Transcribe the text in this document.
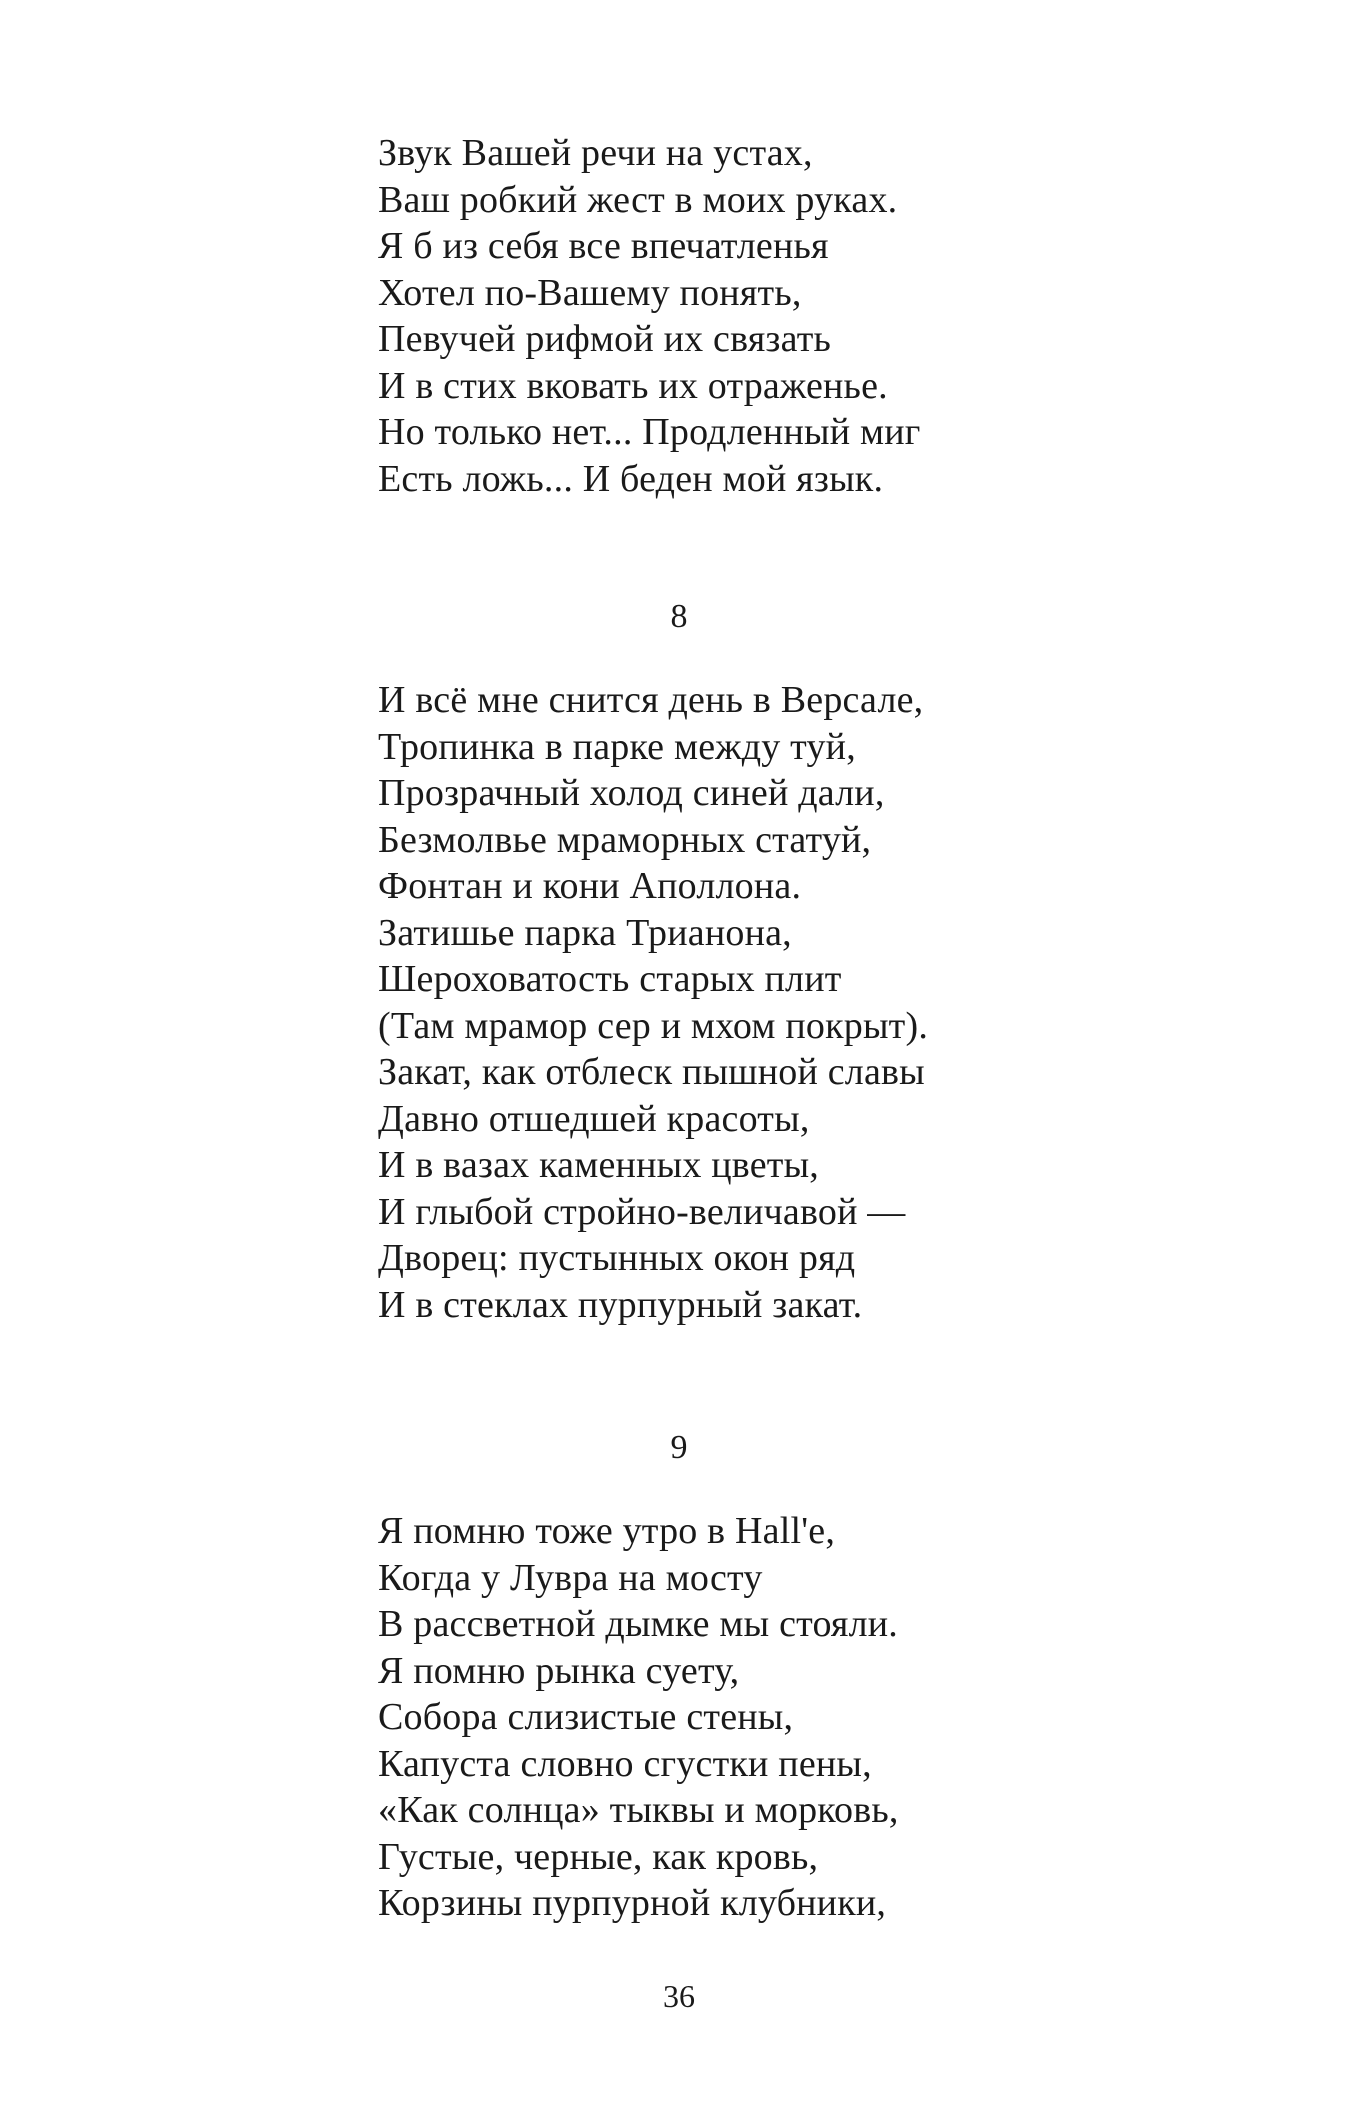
Звук Вашей речи на устах,
Ваш робкий жест в моих руках.
Я б из себя все впечатленья
Хотел по-Вашему понять,
Певучей рифмой их связать
И в стих вковать их отраженье.
Но только нет... Продленный миг
Есть ложь... И беден мой язык.
8
И всё мне снится день в Версале,
Тропинка в парке между туй,
Прозрачный холод синей дали,
Безмолвье мраморных статуй,
Фонтан и кони Аполлона.
Затишье парка Трианона,
Шероховатость старых плит
(Там мрамор сер и мхом покрыт).
Закат, как отблеск пышной славы
Давно отшедшей красоты,
И в вазах каменных цветы,
И глыбой стройно-величавой —
Дворец: пустынных окон ряд
И в стеклах пурпурный закат.
9
Я помню тоже утро в Hall'e,
Когда у Лувра на мосту
В рассветной дымке мы стояли.
Я помню рынка суету,
Собора слизистые стены,
Капуста словно сгустки пены,
«Как солнца» тыквы и морковь,
Густые, черные, как кровь,
Корзины пурпурной клубники,
36
